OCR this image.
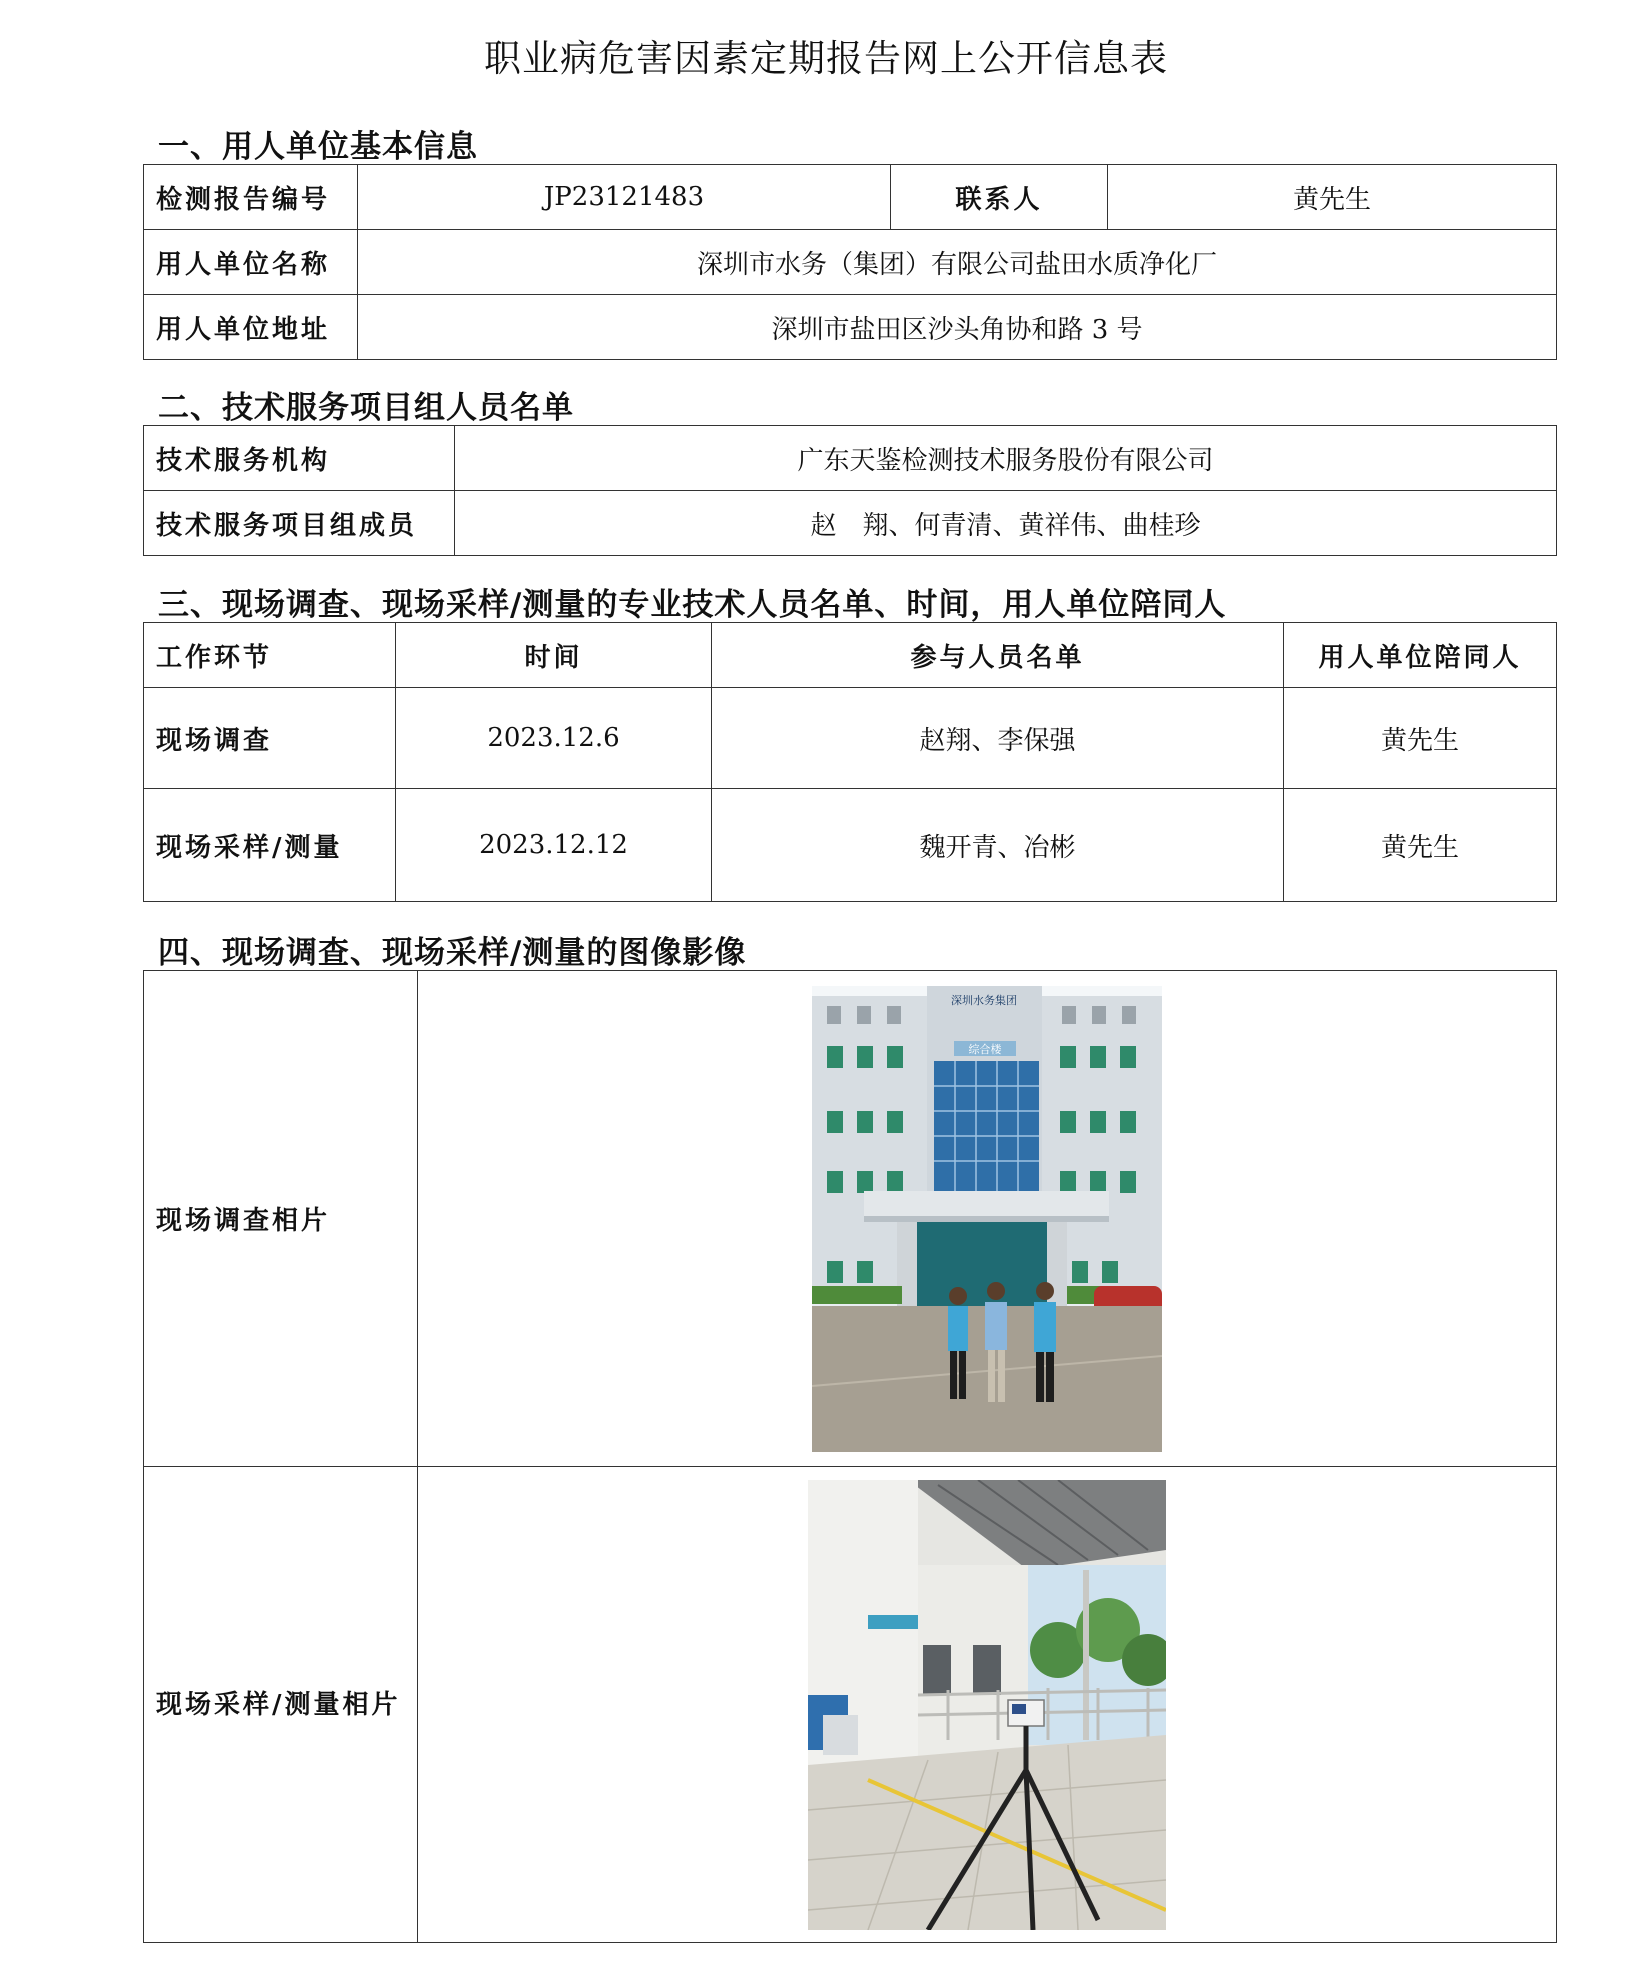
职业病危害因素定期报告网上公开信息表
一、用人单位基本信息
检测报告编号	JP23121483	联系人	黄先生
用人单位名称	深圳市水务（集团）有限公司盐田水质净化厂		
用人单位地址	深圳市盐田区沙头角协和路 3 号		
二、技术服务项目组人员名单
技术服务机构	广东天鉴检测技术服务股份有限公司
技术服务项目组成员	赵　翔、何青清、黄祥伟、曲桂珍
三、现场调查、现场采样/测量的专业技术人员名单、时间，用人单位陪同人
工作环节	时间	参与人员名单	用人单位陪同人
现场调查	2023.12.6	赵翔、李保强	黄先生
现场采样/测量	2023.12.12	魏开青、冶彬	黄先生
四、现场调查、现场采样/测量的图像影像
现场调查相片	深圳水务集团
综合楼

现场采样/测量相片	
